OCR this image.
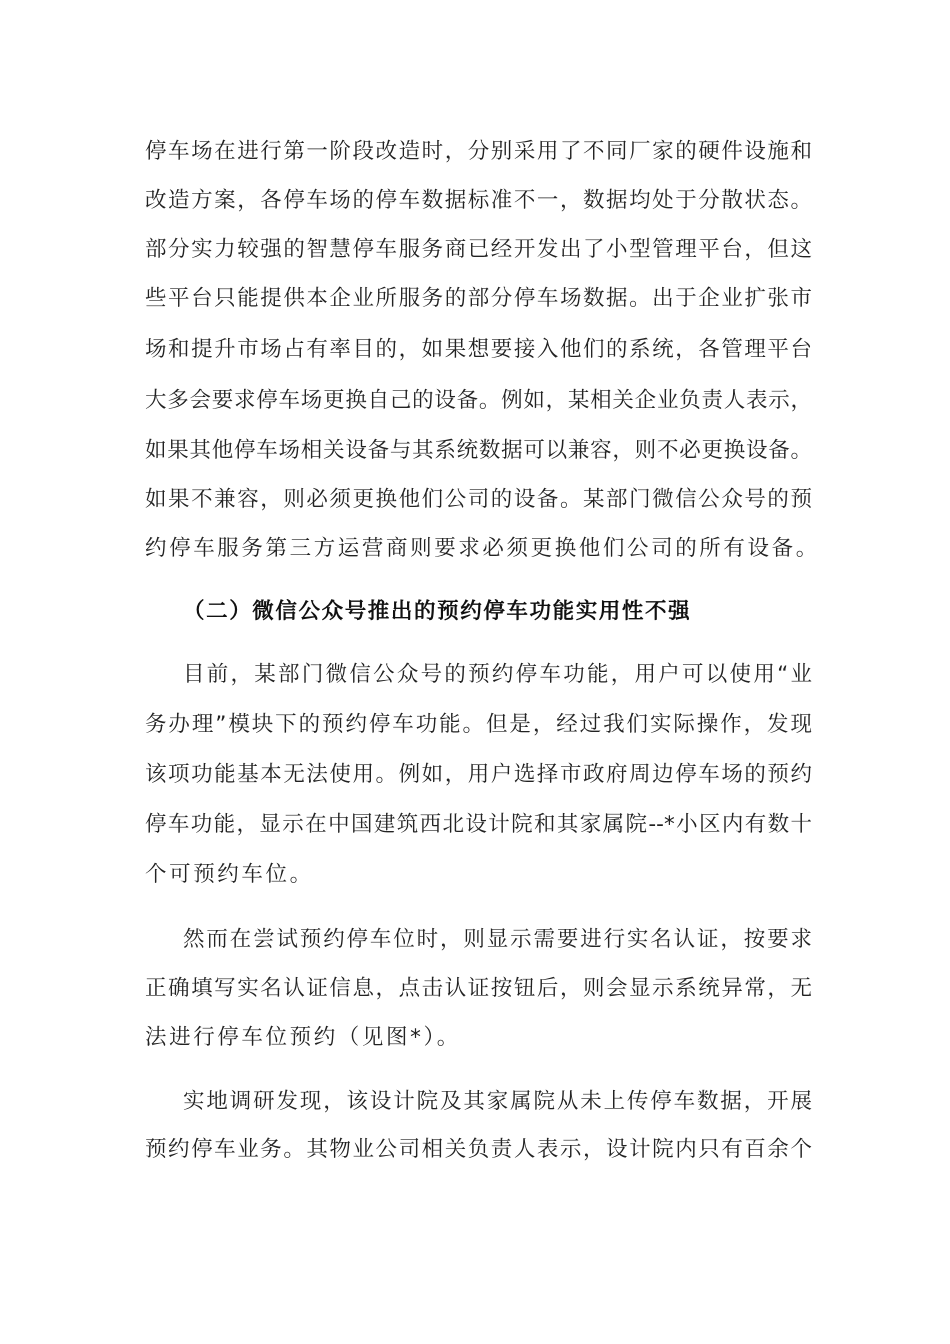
停车场在进行第一阶段改造时，分别采用了不同厂家的硬件设施和
改造方案，各停车场的停车数据标准不一，数据均处于分散状态。
部分实力较强的智慧停车服务商已经开发出了小型管理平台，但这
些平台只能提供本企业所服务的部分停车场数据。出于企业扩张市
场和提升市场占有率目的，如果想要接入他们的系统，各管理平台
大多会要求停车场更换自己的设备。例如，某相关企业负责人表示，
如果其他停车场相关设备与其系统数据可以兼容，则不必更换设备。
如果不兼容，则必须更换他们公司的设备。某部门微信公众号的预
约停车服务第三方运营商则要求必须更换他们公司的所有设备。
（二）微信公众号推出的预约停车功能实用性不强
目前，某部门微信公众号的预约停车功能，用户可以使用“业
务办理”模块下的预约停车功能。但是，经过我们实际操作，发现
该项功能基本无法使用。例如，用户选择市政府周边停车场的预约
停车功能，显示在中国建筑西北设计院和其家属院--*小区内有数十
个可预约车位。
然而在尝试预约停车位时，则显示需要进行实名认证，按要求
正确填写实名认证信息，点击认证按钮后，则会显示系统异常，无
法进行停车位预约（见图*）。
实地调研发现，该设计院及其家属院从未上传停车数据，开展
预约停车业务。其物业公司相关负责人表示，设计院内只有百余个
